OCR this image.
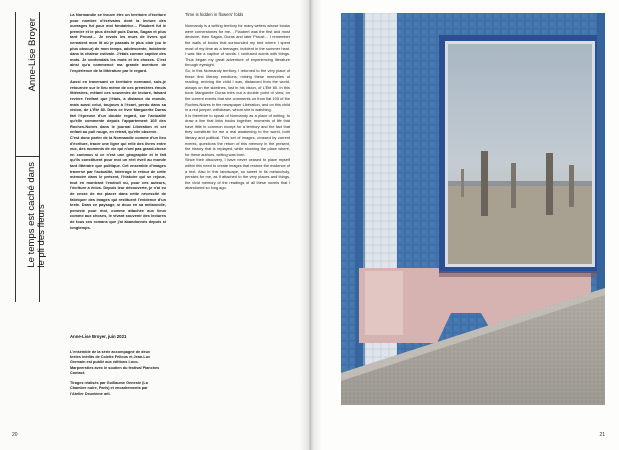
Anne-Lise Broyer
Le temps est caché dans le pli des fleurs

La Normandie se trouve être un territoire d'écriture pour nombre d'écrivains dont la lecture des ouvrages fut pour moi fondatrice… Flaubert fut le premier et le plus décisif puis Duras, Sagan et plus tard Proust… Je revois les murs de livres qui cernaient mon lit où je passais le plus clair (ou le plus obscur) de mon temps, adolescente, indolente dans la chaleur estivale. J'étais comme captive des mots. Je confondais les mots et les choses. C'est ainsi qu'a commencé ma grande aventure de l'expérience de la littérature par le regard.

Aussi en traversant ce territoire normand, suis-je retournée sur le lieu même de ces premières émois littéraires, mêlant ces souvenirs de lecture, faisant revivre l'enfant que j'étais, à distance du monde, mais aussi celui, toujours à l'écart, perdu dans sa vision, de L'Été 80. Dans ce livre Marguerite Duras fait l'épreuve d'un double regard, sur l'actualité qu'elle commente depuis l'appartement 105 des Roches-Noires dans le journal Libération et cet enfant au pull rouge, en retrait, qu'elle observe.

C'est donc parler de la Normandie comme d'un lieu d'écriture, tracer une ligne qui relie des livres entre eux, des moments de vie qui n'ont pas grand-chose en commun si ce n'est une géographie et le fait qu'ils constituent pour moi un réel éveil au monde tant littéraire que politique. Cet ensemble d'images traversé par l'actualité, interroge le retour de cette mémoire dans le présent, l'histoire qui se rejoue, tout en montrant l'endroit où, pour ces auteurs, l'écriture a éclos. Depuis leur découverte, je n'ai eu de cesse de me placer dans cette nécessité de fabriquer des images qui restituent l'évidence d'un texte. Dans ce paysage, si doux en sa mélancolie, persiste pour moi, comme attachée aux lieux comme aux choses, le vivant souvenir des lectures de tous ces romans que j'ai abandonnés depuis si longtemps.

Anne-Lise Broyer, juin 2021

L'ensemble de la série accompagné de deux textes inédits de Colette Fellous et Jean-Luc Germain est publié aux éditions Loco-Marpeersties avec le soutien du festival Planches Contact.

Tirages réalisés par Guillaume Geneste (La Chambre noire, Paris) et encadrements par l'Atelier Deuxième œil.

Time is hidden in flowers' folds

Normandy is a writing territory for many writers whose books were cornerstones for me… Flaubert was the first and most decisive, then Sagan, Duras and later Proust… I remember the walls of books that surrounded my bed where I spent most of my time as a teenager, indolent in the summer heat. I was like a captive of words. I confused words with things. Thus began my great adventure of experiencing literature through eyesight.

So, in this Normandy territory, I returned to the very place of these first literary emotions, mixing these memories of reading, reviving the child I was, distanced from the world, always on the sidelines, lost in his vision, of L'Été 80. In this book Marguerite Duras tries out a double point of view, on the current events that she comments on from flat 105 of the Roches-Noires in the newspaper Libération, and on this child in a red jumper, withdrawn, whom she is watching.

It is therefore to speak of Normandy as a place of writing, to draw a line that links books together, moments of life that have little in common except for a territory and the fact that they constitute for me a real awakening to the world, both literary and political. This set of images, crossed by current events, questions the return of this memory in the present, the history that is replayed, while showing the place where, for these authors, writing was born.

Since their discovery, I have never ceased to place myself within this need to create images that restore the evidence of a text. Also in this landscape, so sweet in its melancholy, persists for me, as if attached to the very places and things, the vivid memory of the readings of all these novels that I abandoned so long ago.

20	21
